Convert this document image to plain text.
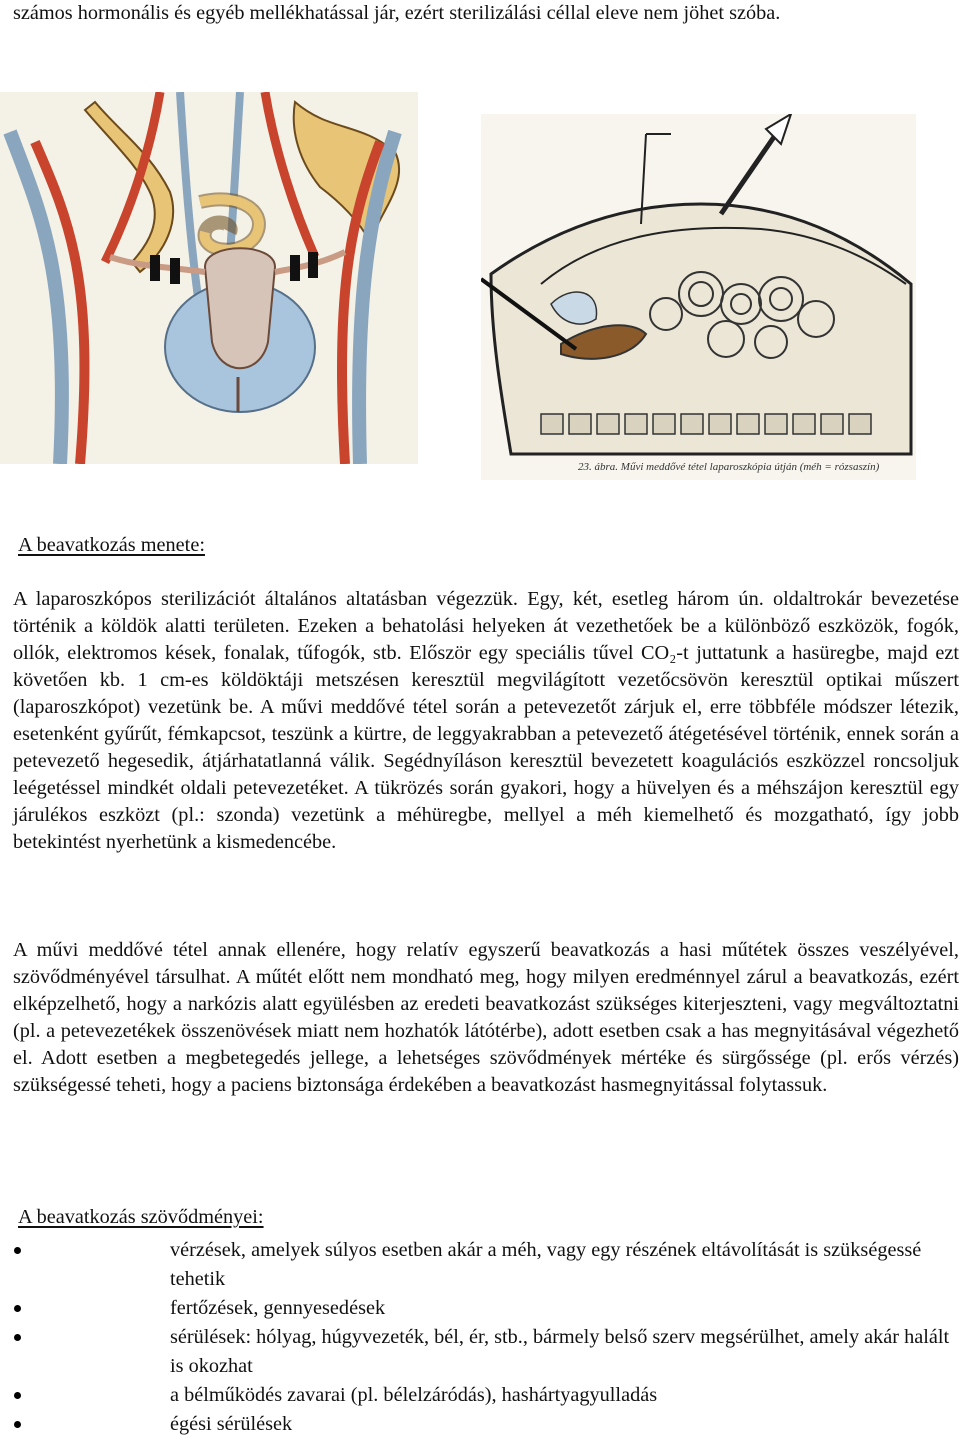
számos hormonális és egyéb mellékhatással jár, ezért sterilizálási céllal eleve nem jöhet szóba.

23. ábra. Művi meddővé tétel laparoszkópia útján (méh = rózsaszín)
A beavatkozás menete:

A laparoszkópos sterilizációt általános altatásban végezzük. Egy, két, esetleg három ún. oldaltrokár bevezetése történik a köldök alatti területen. Ezeken a behatolási helyeken át vezethetőek be a különböző eszközök, fogók, ollók, elektromos kések, fonalak, tűfogók, stb. Először egy speciális tűvel CO₂-t juttatunk a hasüregbe, majd ezt követően kb. 1 cm-es köldöktáji metszésen keresztül megvilágított vezetőcsövön keresztül optikai műszert (laparoszkópot) vezetünk be. A művi meddővé tétel során a petevezetőt zárjuk el, erre többféle módszer létezik, esetenként gyűrűt, fémkapcsot, teszünk a kürtre, de leggyakrabban a petevezető átégetésével történik, ennek során a petevezető hegesedik, átjárhatatlanná válik. Segédnyíláson keresztül bevezetett koagulációs eszközzel roncsoljuk leégetéssel mindkét oldali petevezetéket. A tükrözés során gyakori, hogy a hüvelyen és a méhszájon keresztül egy járulékos eszközt (pl.: szonda) vezetünk a méhüregbe, mellyel a méh kiemelhető és mozgatható, így jobb betekintést nyerhetünk a kismedencébe.

A művi meddővé tétel annak ellenére, hogy relatív egyszerű beavatkozás a hasi műtétek összes veszélyével, szövődményével társulhat. A műtét előtt nem mondható meg, hogy milyen eredménnyel zárul a beavatkozás, ezért elképzelhető, hogy a narkózis alatt együlésben az eredeti beavatkozást szükséges kiterjeszteni, vagy megváltoztatni (pl. a petevezetékek összenövések miatt nem hozhatók látótérbe), adott esetben csak a has megnyitásával végezhető el. Adott esetben a megbetegedés jellege, a lehetséges szövődmények mértéke és sürgőssége (pl. erős vérzés) szükségessé teheti, hogy a paciens biztonsága érdekében a beavatkozást hasmegnyitással folytassuk.

A beavatkozás szövődményei:
vérzések, amelyek súlyos esetben akár a méh, vagy egy részének eltávolítását is szükségessé tehetik
fertőzések, gennyesedések
sérülések: hólyag, húgyvezeték, bél, ér, stb., bármely belső szerv megsérülhet, amely akár halált is okozhat
a bélműködés zavarai (pl. bélelzáródás), hashártyagyulladás
égési sérülések
